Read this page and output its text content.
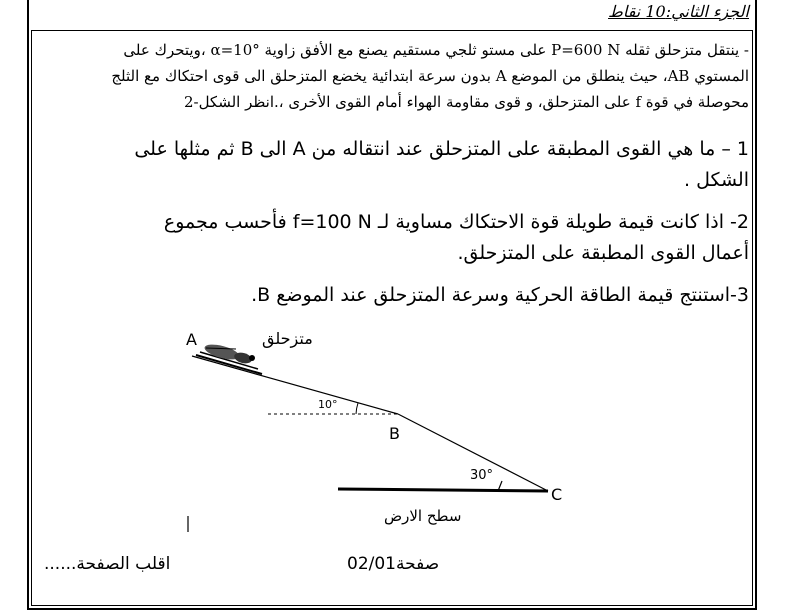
الجزء الثاني:10 نقاط
- ينتقل متزحلق ثقله P=600 N على مستو ثلجي مستقيم يصنع مع الأفق زاوية α=10° ،ويتحرك على
المستوي AB، حيث ينطلق من الموضع A بدون سرعة ابتدائية يخضع المتزحلق الى قوى احتكاك مع الثلج
محوصلة في قوة f على المتزحلق، و قوى مقاومة الهواء أمام القوى الأخرى ،.انظر الشكل-2
1 – ما هي القوى المطبقة على المتزحلق عند انتقاله من A الى B ثم مثلها على
الشكل .
2- اذا كانت قيمة طويلة قوة الاحتكاك مساوية لـ f=100 N فأحسب مجموع
أعمال القوى المطبقة على المتزحلق.
3-استنتج قيمة الطاقة الحركية وسرعة المتزحلق عند الموضع B.
A	متزحلق
10°
B
30°
C
سطح الارض
صفحة02/01
اقلب الصفحة......
